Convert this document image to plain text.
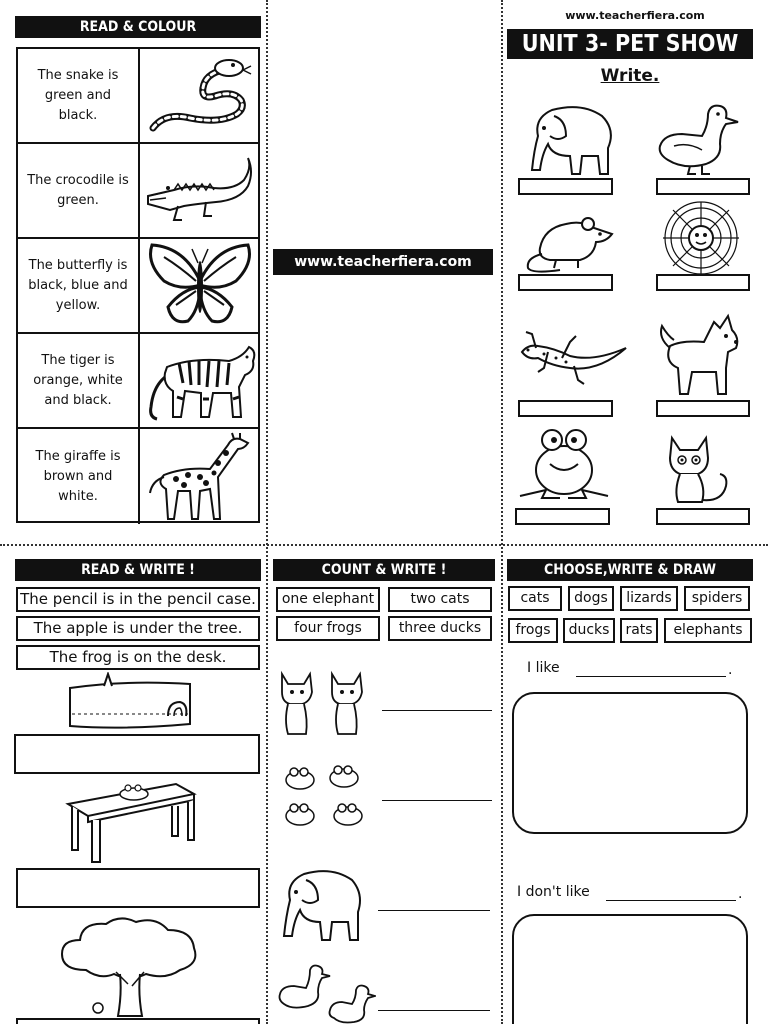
READ & COLOUR
The snake is green and black.
The crocodile is green.
The butterfly is black, blue and yellow.
The tiger is orange, white and black.
The giraffe is brown and white.
www.teacherfiera.com
www.teacherfiera.com
UNIT 3- PET SHOW
Write.
READ & WRITE !
The pencil is in the pencil case.
The apple is under the tree.
The frog is on the desk.
COUNT & WRITE !
one elephant	two cats
four frogs	three ducks
CHOOSE,WRITE & DRAW
cats	dogs	lizards	spiders
frogs	ducks	rats	elephants
I like	.
I don't like	.
